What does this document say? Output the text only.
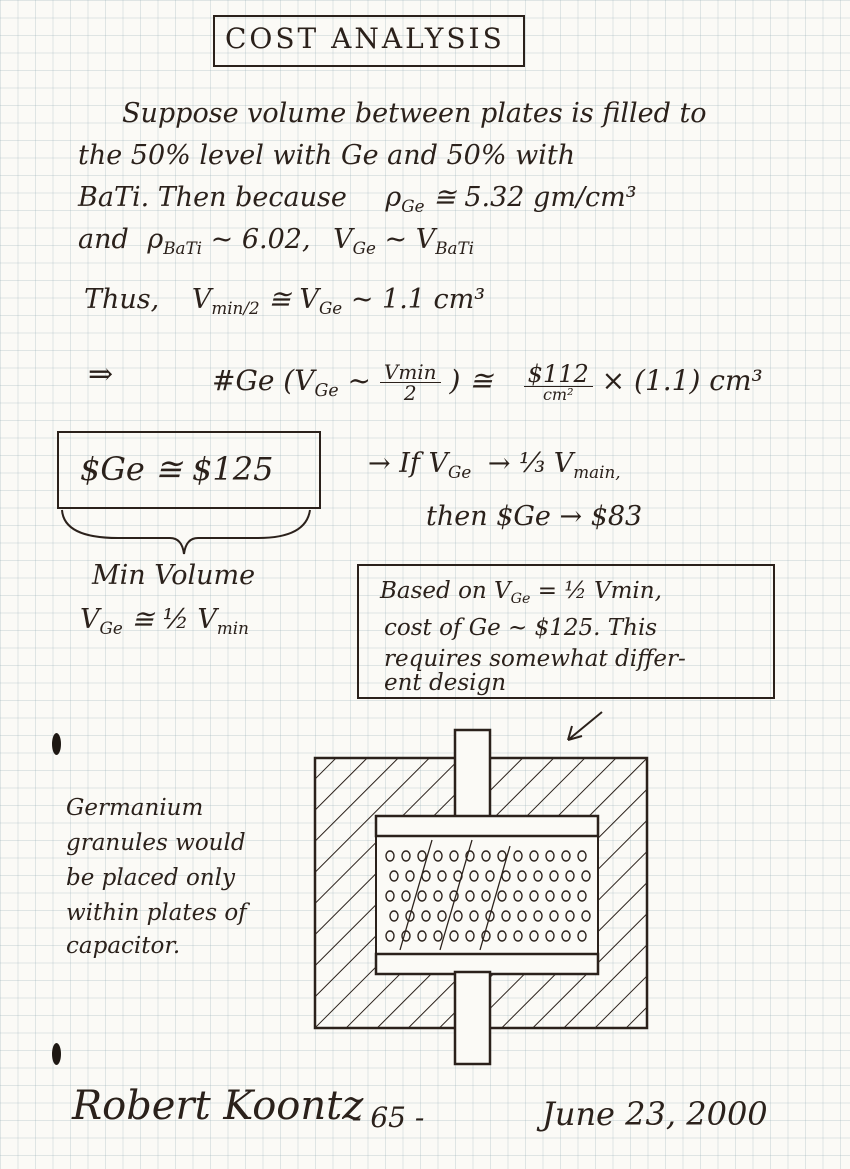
COST ANALYSIS
Suppose volume between plates is filled to
the 50% level with Ge and 50% with
BaTi. Then because $\rho_{Ge}$ ≅ 5.32 gm/cm³
and $\rho_{BaTi}$ ~ 6.02, $V_{Ge}$ ~ $V_{BaTi}$
Thus, $V_{min/2}$ ≅ $V_{Ge}$ ~ 1.1 cm³
⇒	#Ge ($V_{Ge}$ ~ $\frac{Vmin}{2}$ ) ≅ $\frac{\$112}{\text{cm²}} \times (1.1)$ cm³
$Ge ≅ $125	→ If $V_{Ge}$ → ⅓ $V_{main,}$
then $Ge → $83
Min Volume
$V_{Ge}$ ≅ ½ $V_{min}$
Based on $V_{Ge}$ = ½ Vmin,
cost of Ge ~ $125. This
requires somewhat differ-
ent design
Germanium
granules would
be placed only
within plates of
capacitor.
Robert Koontz
- 65 -	June 23, 2000
